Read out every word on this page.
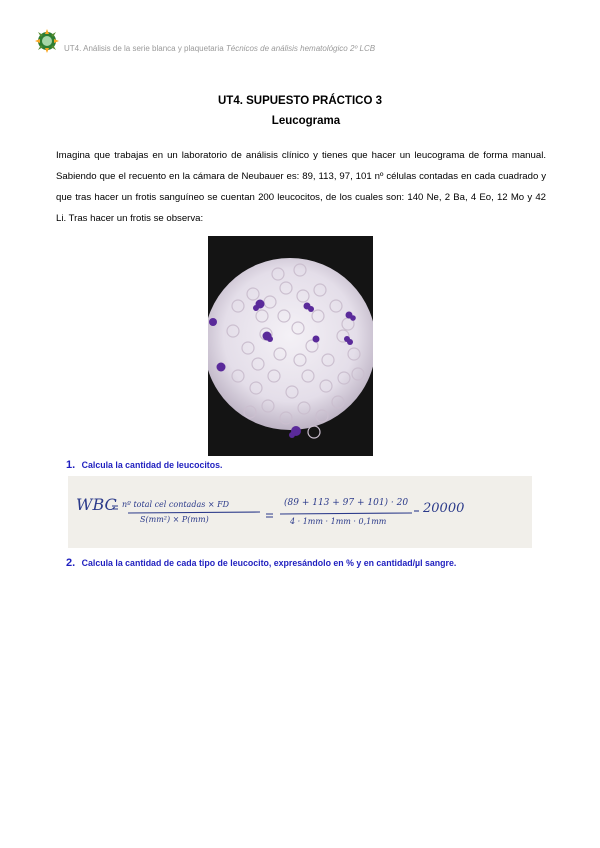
UT4. Análisis de la serie blanca y plaquetaria Técnicos de análisis hematológico 2º LCB
UT4. SUPUESTO PRÁCTICO 3
Leucograma
Imagina que trabajas en un laboratorio de análisis clínico y tienes que hacer un leucograma de forma manual. Sabiendo que el recuento en la cámara de Neubauer es: 89, 113, 97, 101 nº células contadas en cada cuadrado y que tras hacer un frotis sanguíneo se cuentan 200 leucocitos, de los cuales son: 140 Ne, 2 Ba, 4 Eo, 12 Mo y 42 Li. Tras hacer un frotis se observa:
1. Calcula la cantidad de leucocitos.
WBC nº total cel contadas × FD
S(mm²) × P(mm)
(89 + 113 + 97 + 101) · 20
4 · 1mm · 1mm · 0,1mm
20000
2. Calcula la cantidad de cada tipo de leucocito, expresándolo en % y en cantidad/µl sangre.
